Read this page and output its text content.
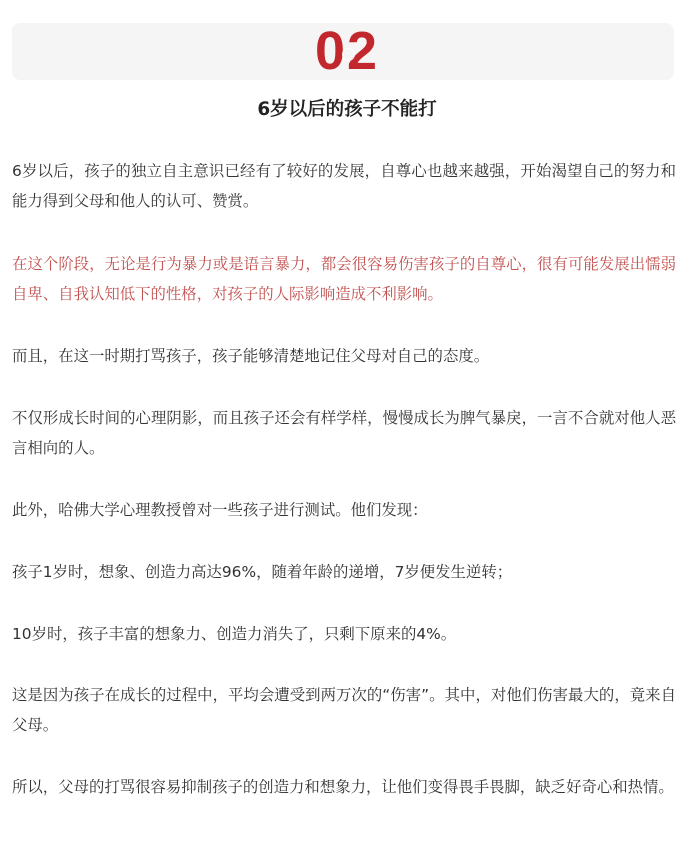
02
6岁以后的孩子不能打

6岁以后，孩子的独立自主意识已经有了较好的发展，自尊心也越来越强，开始渴望自己的努力和能力得到父母和他人的认可、赞赏。

在这个阶段，无论是行为暴力或是语言暴力，都会很容易伤害孩子的自尊心，很有可能发展出懦弱自卑、自我认知低下的性格，对孩子的人际影响造成不利影响。

而且，在这一时期打骂孩子，孩子能够清楚地记住父母对自己的态度。

不仅形成长时间的心理阴影，而且孩子还会有样学样，慢慢成长为脾气暴戾，一言不合就对他人恶言相向的人。

此外，哈佛大学心理教授曾对一些孩子进行测试。他们发现：

孩子1岁时，想象、创造力高达96%，随着年龄的递增，7岁便发生逆转；

10岁时，孩子丰富的想象力、创造力消失了，只剩下原来的4%。

这是因为孩子在成长的过程中，平均会遭受到两万次的“伤害”。其中，对他们伤害最大的，竟来自父母。

所以，父母的打骂很容易抑制孩子的创造力和想象力，让他们变得畏手畏脚，缺乏好奇心和热情。
